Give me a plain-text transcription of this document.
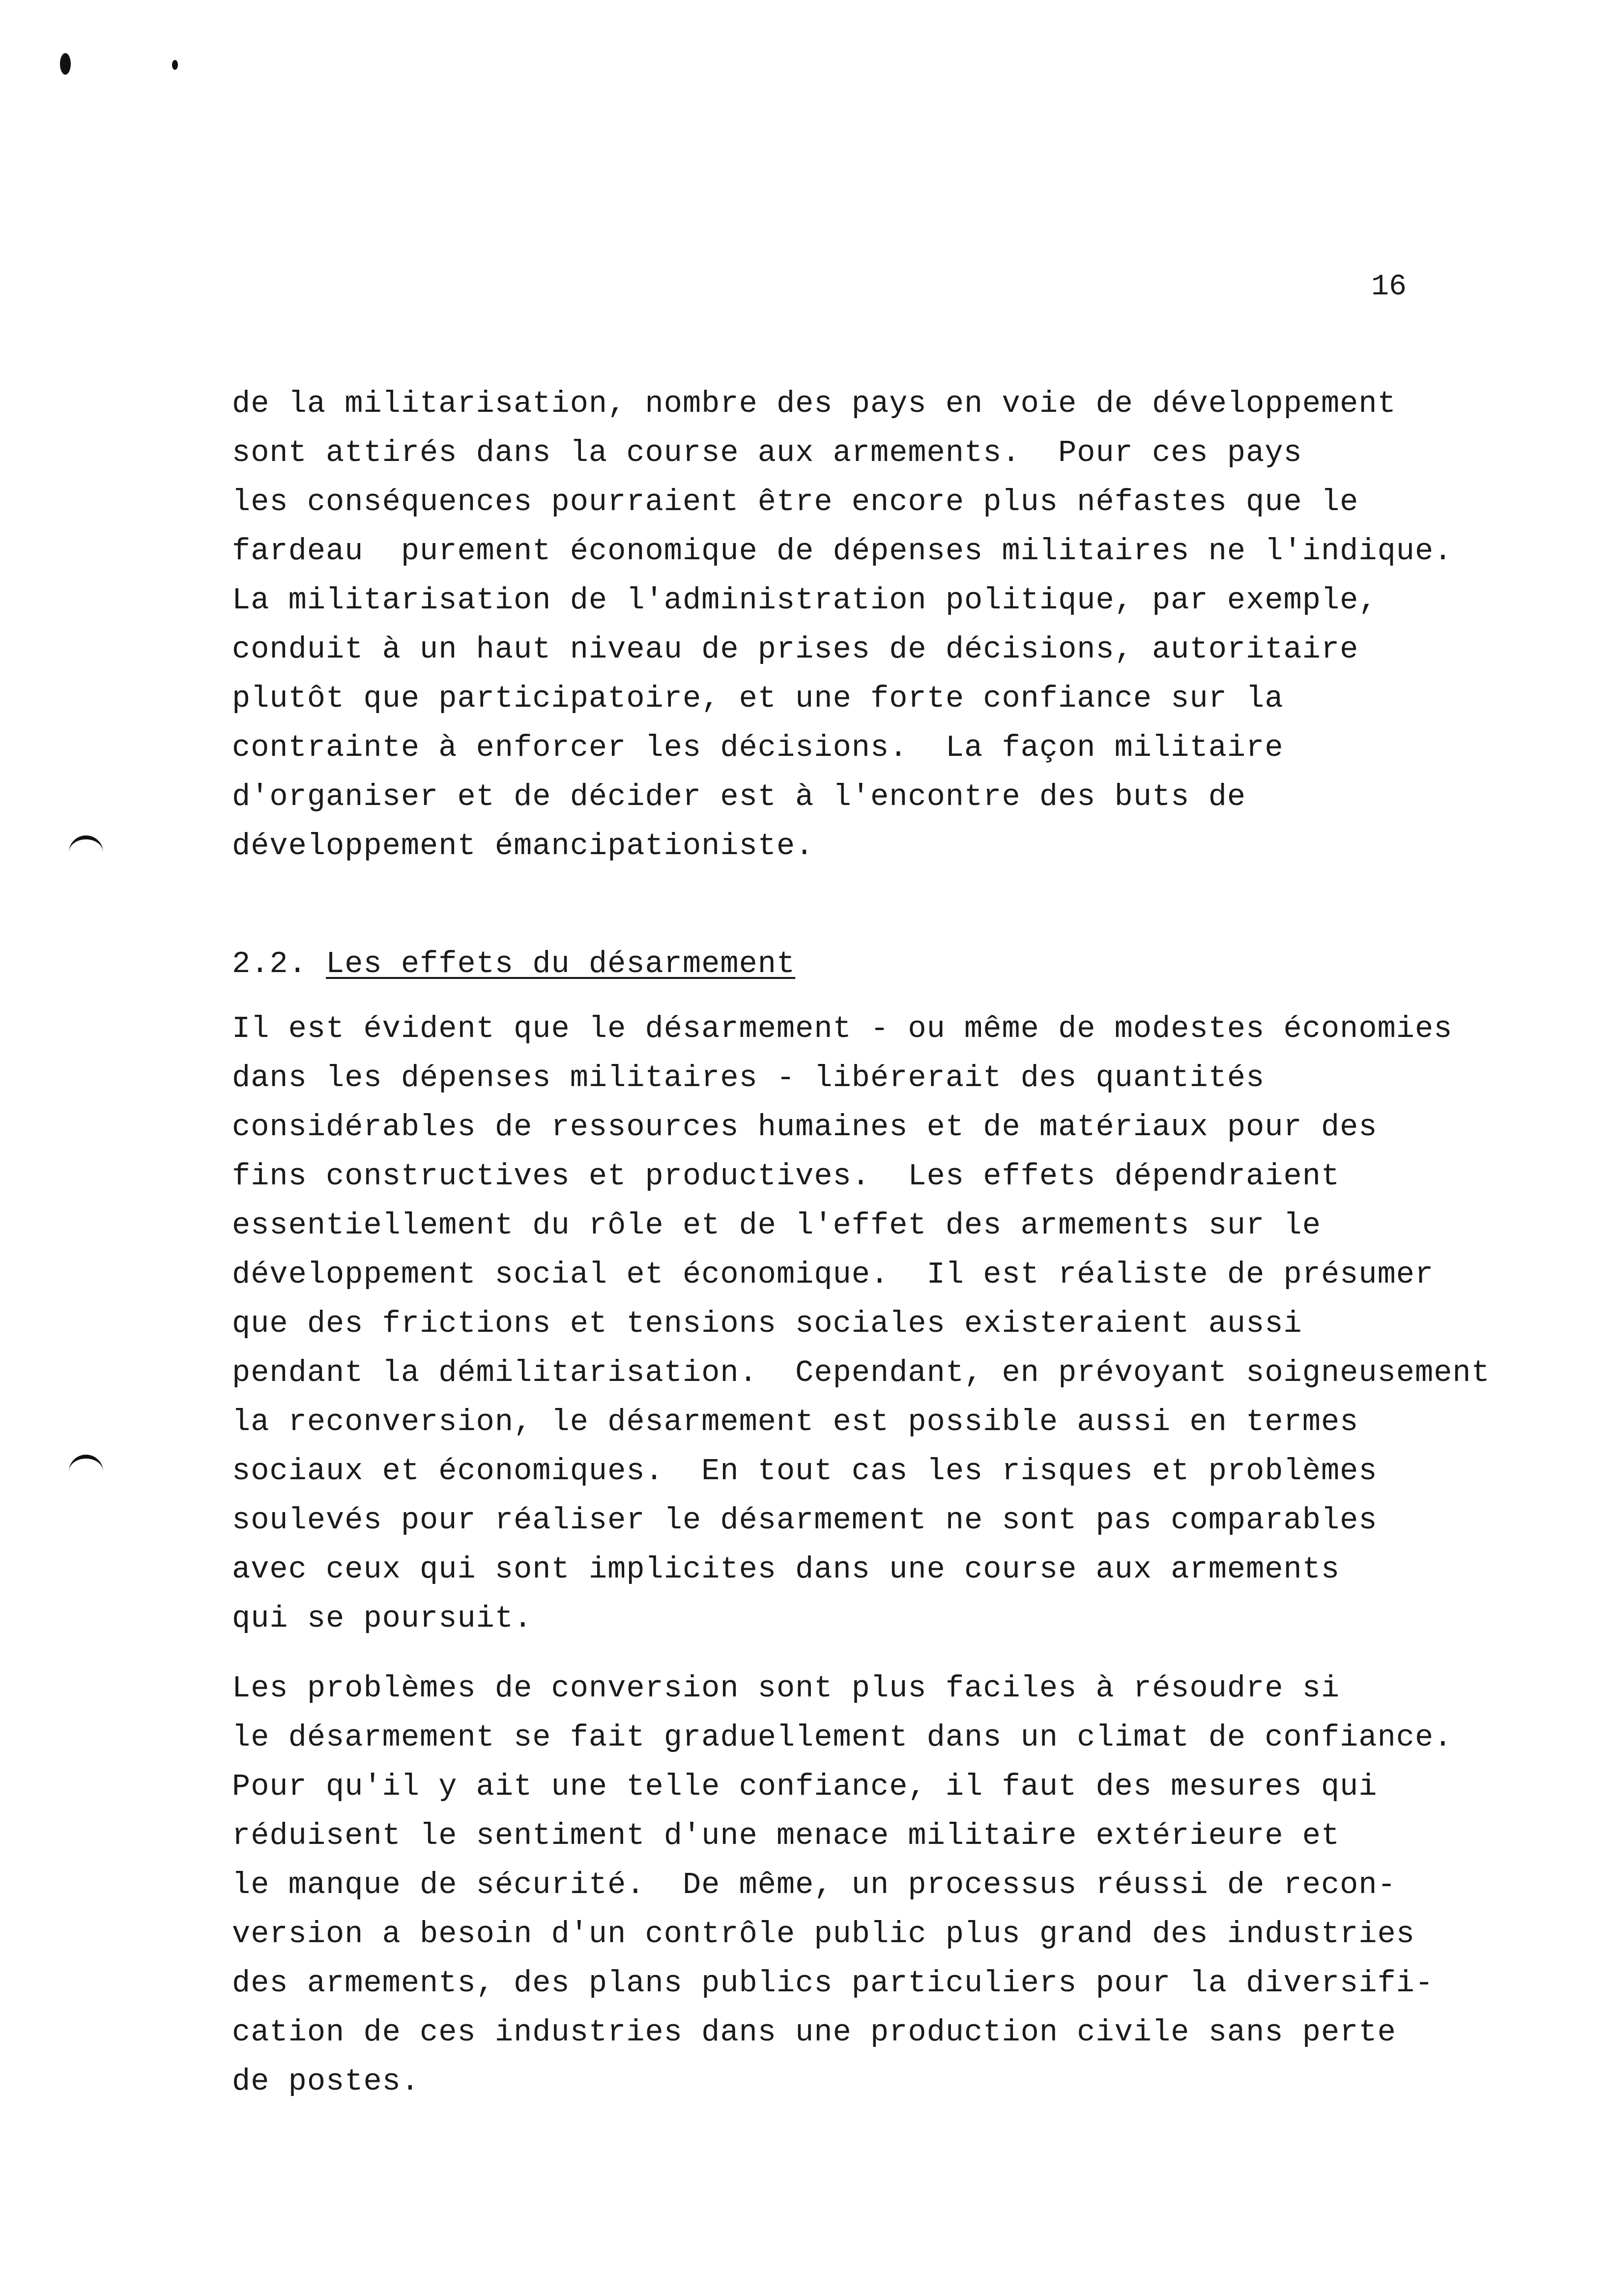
16
de la militarisation, nombre des pays en voie de développement
sont attirés dans la course aux armements.  Pour ces pays
les conséquences pourraient être encore plus néfastes que le
fardeau  purement économique de dépenses militaires ne l'indique.
La militarisation de l'administration politique, par exemple,
conduit à un haut niveau de prises de décisions, autoritaire
plutôt que participatoire, et une forte confiance sur la
contrainte à enforcer les décisions.  La façon militaire
d'organiser et de décider est à l'encontre des buts de
développement émancipationiste.
2.2. Les effets du désarmement
Il est évident que le désarmement - ou même de modestes économies
dans les dépenses militaires - libérerait des quantités
considérables de ressources humaines et de matériaux pour des
fins constructives et productives.  Les effets dépendraient
essentiellement du rôle et de l'effet des armements sur le
développement social et économique.  Il est réaliste de présumer
que des frictions et tensions sociales existeraient aussi
pendant la démilitarisation.  Cependant, en prévoyant soigneusement
la reconversion, le désarmement est possible aussi en termes
sociaux et économiques.  En tout cas les risques et problèmes
soulevés pour réaliser le désarmement ne sont pas comparables
avec ceux qui sont implicites dans une course aux armements
qui se poursuit.
Les problèmes de conversion sont plus faciles à résoudre si
le désarmement se fait graduellement dans un climat de confiance.
Pour qu'il y ait une telle confiance, il faut des mesures qui
réduisent le sentiment d'une menace militaire extérieure et
le manque de sécurité.  De même, un processus réussi de recon-
version a besoin d'un contrôle public plus grand des industries
des armements, des plans publics particuliers pour la diversifi-
cation de ces industries dans une production civile sans perte
de postes.
